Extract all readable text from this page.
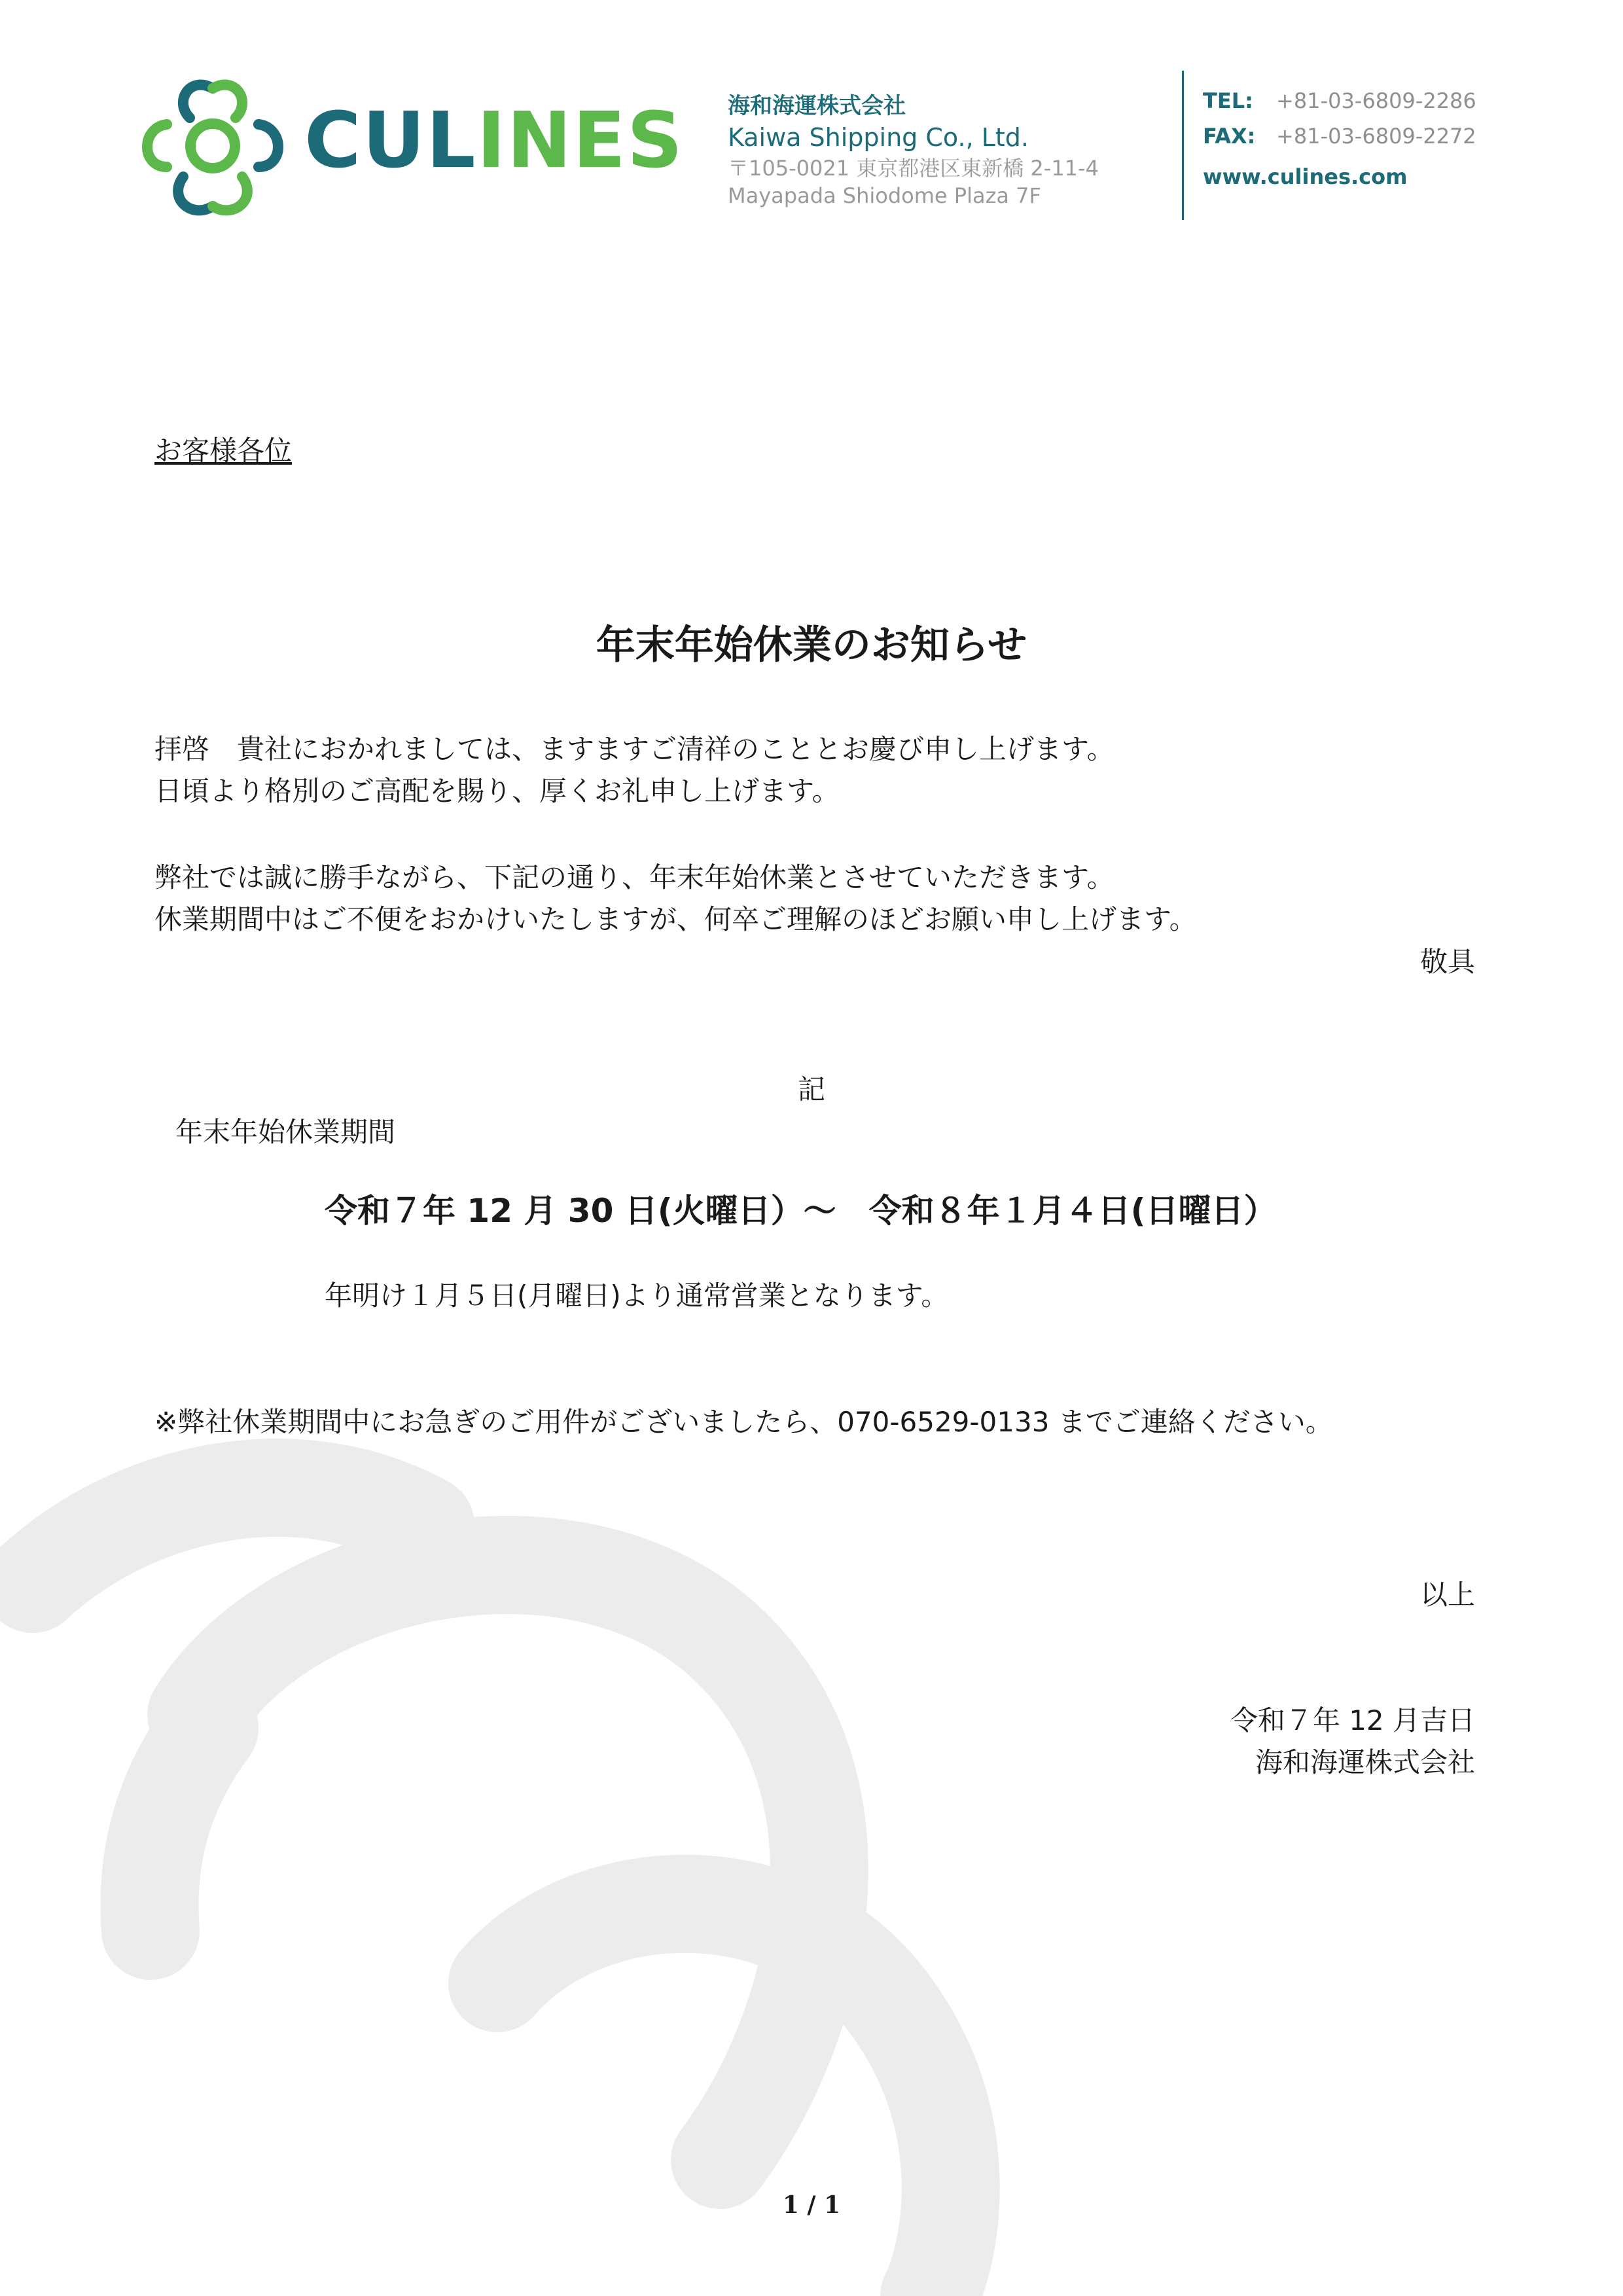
CULINES 海和海運株式会社
Kaiwa Shipping Co., Ltd.
〒105-0021 東京都港区東新橋 2-11-4
Mayapada Shiodome Plaza 7F
TEL:	+81-03-6809-2286
FAX: +81-03-6809-2272
www.culines.com
お客様各位
年末年始休業のお知らせ
拝啓　貴社におかれましては、ますますご清祥のこととお慶び申し上げます。
日頃より格別のご高配を賜り、厚くお礼申し上げます。
弊社では誠に勝手ながら、下記の通り、年末年始休業とさせていただきます。
休業期間中はご不便をおかけいたしますが、何卒ご理解のほどお願い申し上げます。
敬具
記
年末年始休業期間
令和７年 12 月 30 日(火曜日）～　令和８年１月４日(日曜日）
年明け１月５日(月曜日)より通常営業となります。
※弊社休業期間中にお急ぎのご用件がございましたら、070-6529-0133 までご連絡ください。
以上
令和７年 12 月吉日
海和海運株式会社
1 / 1
